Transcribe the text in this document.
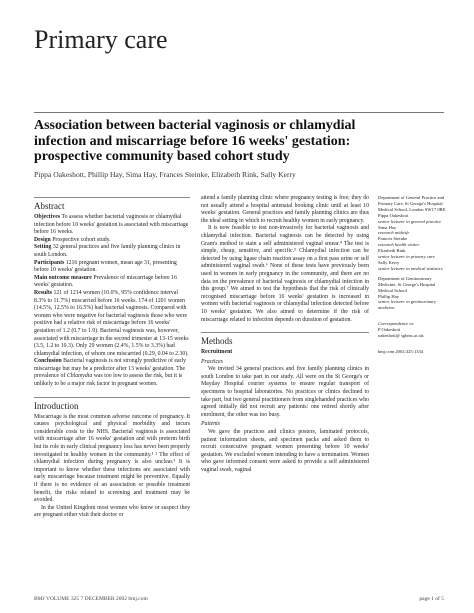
Primary care
Association between bacterial vaginosis or chlamydial infection and miscarriage before 16 weeks' gestation: prospective community based cohort study
Pippa Oakeshott, Phillip Hay, Sima Hay, Frances Steinke, Elizabeth Rink, Sally Kerry
Abstract

Objectives To assess whether bacterial vaginosis or chlamydial infection before 10 weeks' gestation is associated with miscarriage before 16 weeks.

Design Prospective cohort study.

Setting 32 general practices and five family planning clinics in south London.

Participants 1216 pregnant women, mean age 31, presenting before 10 weeks' gestation.

Main outcome measure Prevalence of miscarriage before 16 weeks' gestation.

Results 121 of 1214 women (10.0%, 95% confidence interval 8.3% to 11.7%) miscarried before 16 weeks. 174 of 1201 women (14.5%, 12.5% to 16.5%) had bacterial vaginosis. Compared with women who were negative for bacterial vaginosis those who were positive had a relative risk of miscarriage before 16 weeks' gestation of 1.2 (0.7 to 1.9). Bacterial vaginosis was, however, associated with miscarriage in the second trimester at 13-15 weeks (3.5, 1.2 to 10.3). Only 29 women (2.4%, 1.5% to 3.3%) had chlamydial infection, of whom one miscarried (0.29, 0.04 to 2.30).

Conclusion Bacterial vaginosis is not strongly predictive of early miscarriage but may be a predictor after 13 weeks' gestation. The prevalence of Chlamydia was too low to assess the risk, but it is unlikely to be a major risk factor in pregnant women.

Introduction

Miscarriage is the most common adverse outcome of pregnancy. It causes psychological and physical morbidity and incurs considerable costs to the NHS. Bacterial vaginosis is associated with miscarriage after 16 weeks' gestation and with preterm birth but its role in early clinical pregnancy loss has never been properly investigated in healthy women in the community.¹ ² The effect of chlamydial infection during pregnancy is also unclear.³ It is important to know whether these infections are associated with early miscarriage because treatment might be preventive. Equally if there is no evidence of an association or possible treatment benefit, the risks related to screening and treatment may be avoided.

In the United Kingdom most women who know or suspect they are pregnant either visit their doctor or

attend a family planning clinic where pregnancy testing is free; they do not usually attend a hospital antenatal booking clinic until at least 10 weeks' gestation. General practices and family planning clinics are thus the ideal setting in which to recruit healthy women in early pregnancy.

It is now feasible to test non-invasively for bacterial vaginosis and chlamydial infection. Bacterial vaginosis can be detected by using Gram's method to stain a self administered vaginal smear.⁴ The test is simple, cheap, sensitive, and specific.⁵ Chlamydial infection can be detected by using ligase chain reaction assay on a first pass urine or self administered vaginal swab.⁶ None of these tests have previously been used in women in early pregnancy in the community, and there are no data on the prevalence of bacterial vaginosis or chlamydial infection in this group.⁷ We aimed to test the hypothesis that the risk of clinically recognised miscarriage before 16 weeks' gestation is increased in women with bacterial vaginosis or chlamydial infection detected before 10 weeks' gestation. We also aimed to determine if the risk of miscarriage related to infection depends on duration of gestation.

Methods
Recruitment
Practices

We invited 34 general practices and five family planning clinics in south London to take part in our study. All were on the St George's or Mayday Hospital courier systems to ensure regular transport of specimens to hospital laboratories. No practices or clinics declined to take part, but two general practitioners from singlehanded practices who agreed initially did not recruit any patients: one retired shortly after enrolment, the other was too busy.

Patients

We gave the practices and clinics posters, laminated protocols, patient information sheets, and specimen packs and asked them to recruit consecutive pregnant women presenting before 10 weeks' gestation. We excluded women intending to have a termination. Women who gave informed consent were asked to provide a self administered vaginal swab, vaginal

Department of General Practice and Primary Care, St George's Hospital Medical School, London SW17 0RE
Pippa Oakeshott
senior lecturer in general practice
Sima Hay
research midwife
Frances Steinke
research health visitor
Elizabeth Rink
senior lecturer in primary care
Sally Kerry
senior lecturer in medical statistics
Department of Genitourinary Medicine, St George's Hospital Medical School
Phillip Hay
senior lecturer in genitourinary medicine
Correspondence to:
P Oakeshott
oakeshott@ sghms.ac.uk
bmj.com 2002;325:1334
BMJ VOLUME 325 7 DECEMBER 2002 bmj.com	page 1 of 5
